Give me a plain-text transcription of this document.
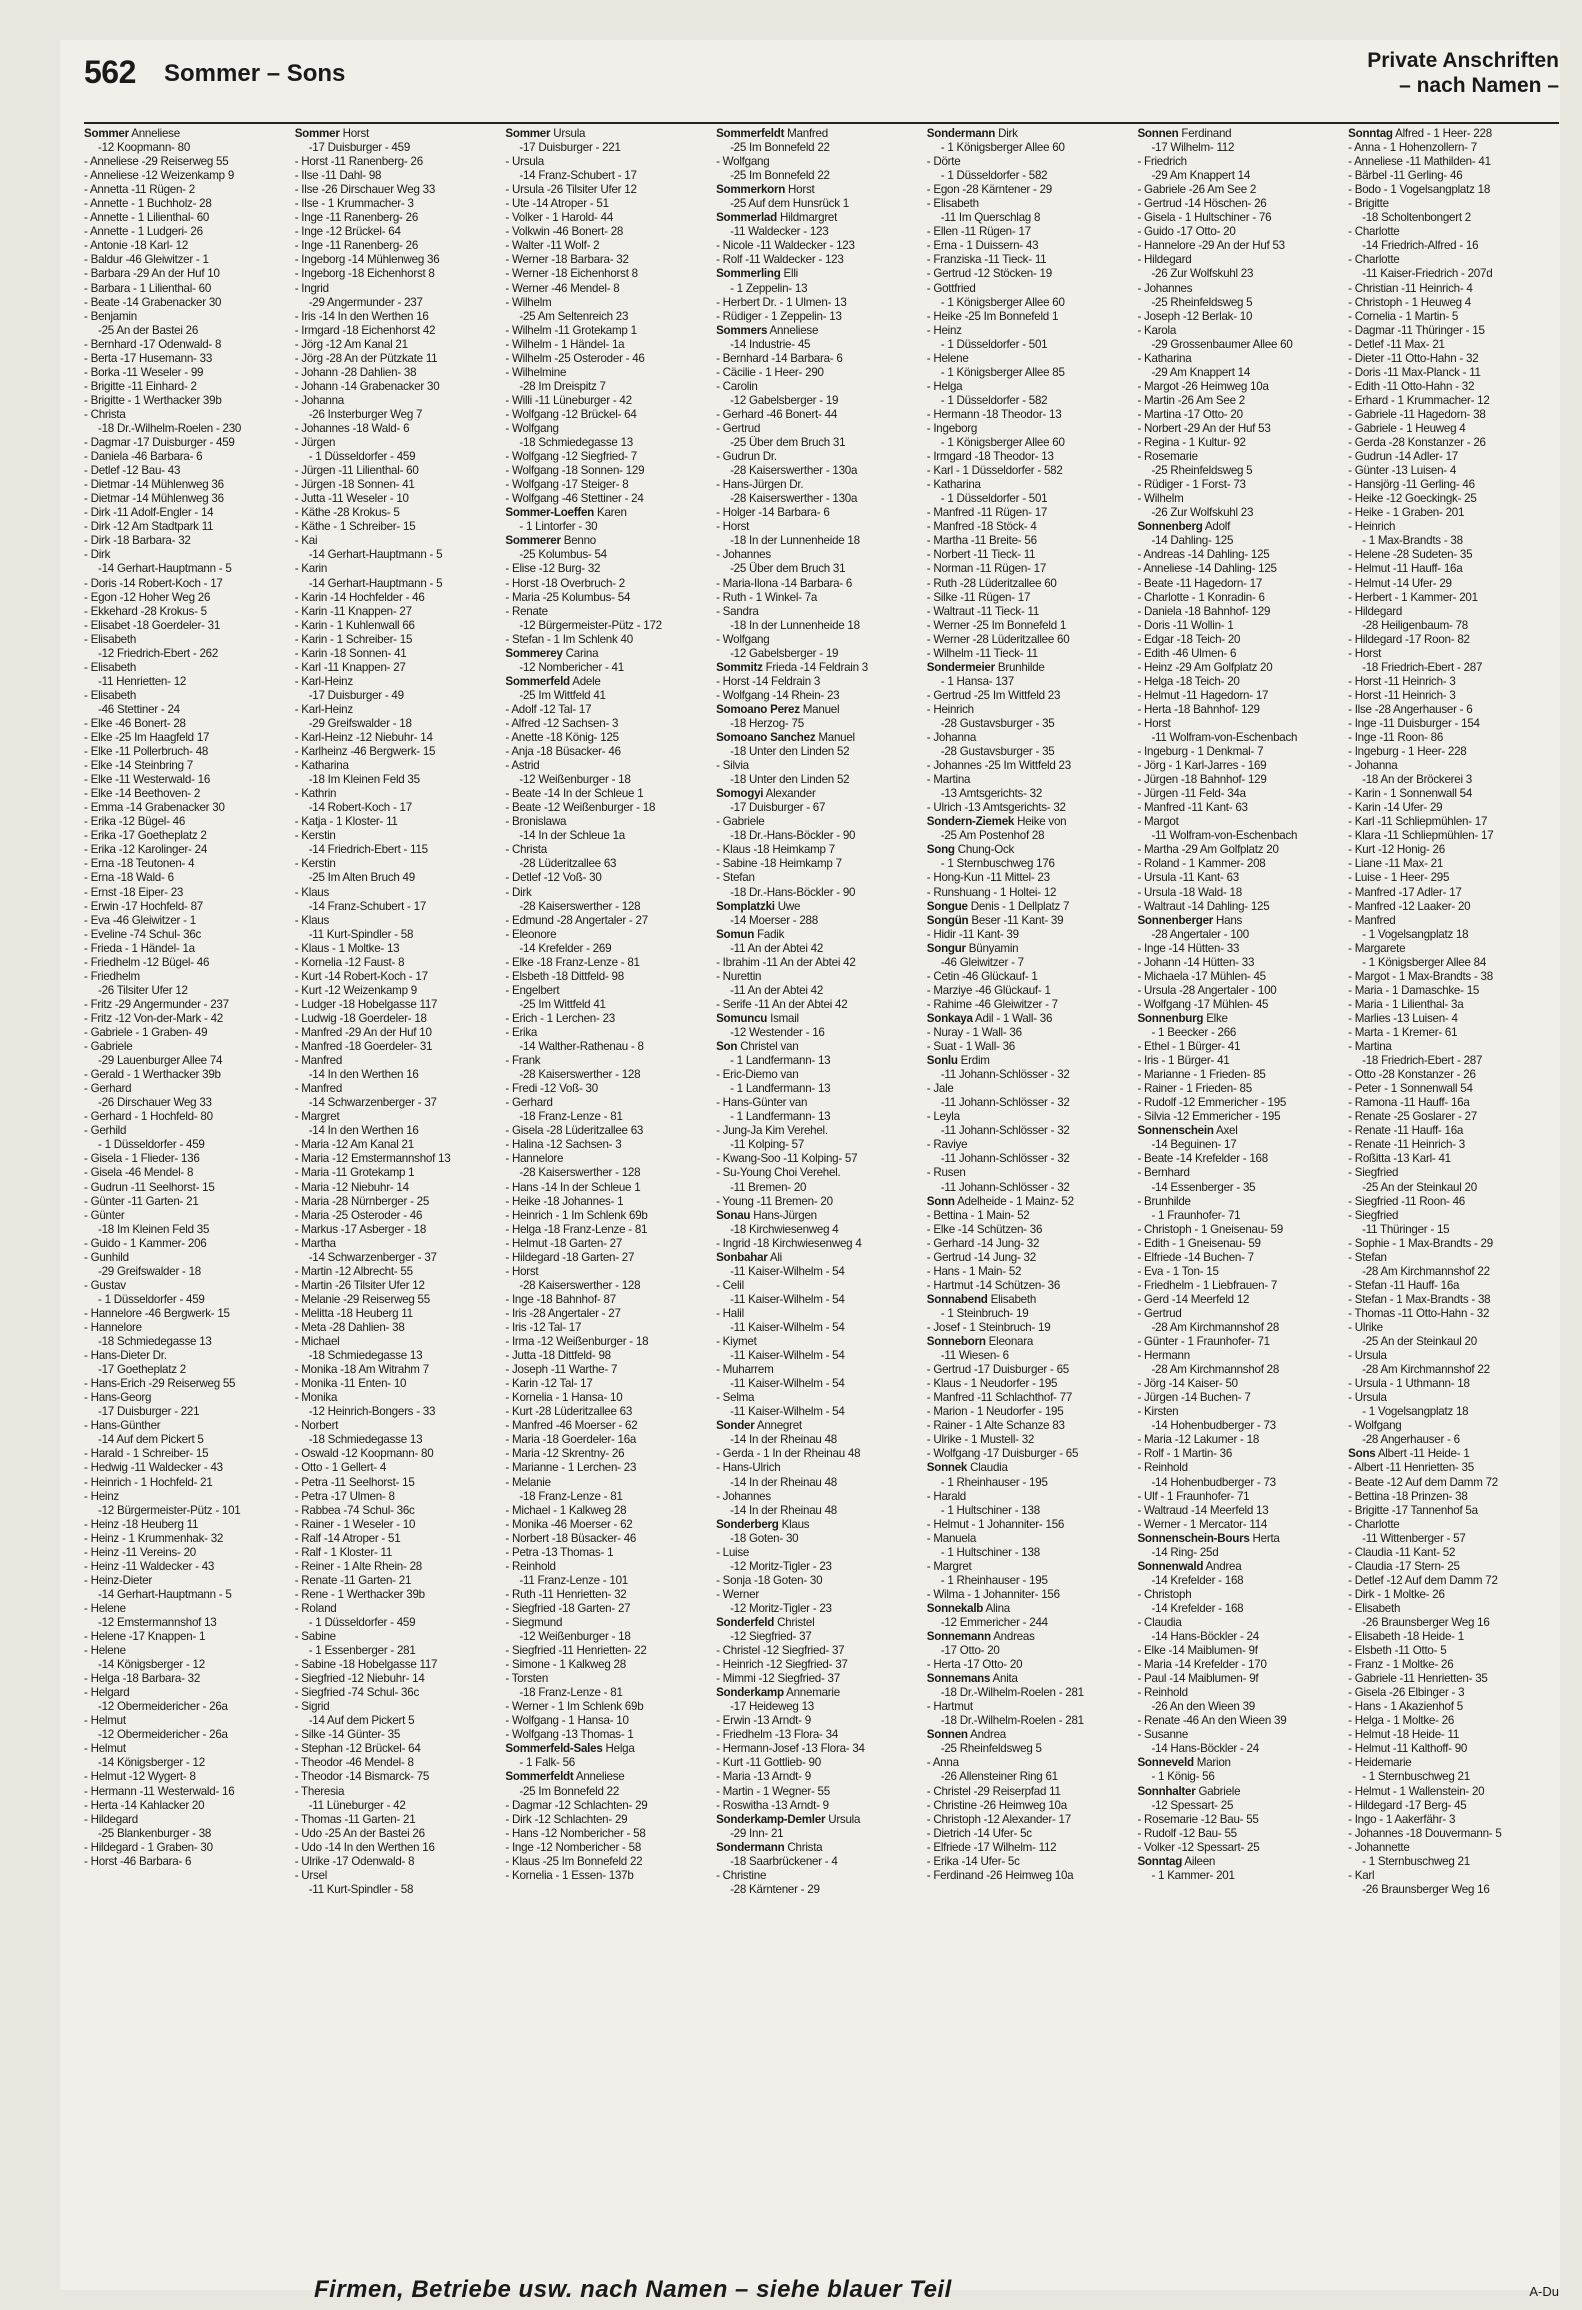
562 Sommer – Sons	Private Anschriften
– nach Namen –
Sommer Anneliese
-12 Koopmann- 80
- Anneliese -29 Reiserweg 55
- Anneliese -12 Weizenkamp 9
- Annetta -11 Rügen- 2
- Annette - 1 Buchholz- 28
- Annette - 1 Lilienthal- 60
- Annette - 1 Ludgeri- 26
- Antonie -18 Karl- 12
- Baldur -46 Gleiwitzer - 1
- Barbara -29 An der Huf 10
- Barbara - 1 Lilienthal- 60
- Beate -14 Grabenacker 30
- Benjamin
-25 An der Bastei 26
- Bernhard -17 Odenwald- 8
- Berta -17 Husemann- 33
- Borka -11 Weseler - 99
- Brigitte -11 Einhard- 2
- Brigitte - 1 Werthacker 39b
- Christa
-18 Dr.-Wilhelm-Roelen - 230
- Dagmar -17 Duisburger - 459
- Daniela -46 Barbara- 6
- Detlef -12 Bau- 43
- Dietmar -14 Mühlenweg 36
- Dietmar -14 Mühlenweg 36
- Dirk -11 Adolf-Engler - 14
- Dirk -12 Am Stadtpark 11
- Dirk -18 Barbara- 32
- Dirk
-14 Gerhart-Hauptmann - 5
- Doris -14 Robert-Koch - 17
- Egon -12 Hoher Weg 26
- Ekkehard -28 Krokus- 5
- Elisabet -18 Goerdeler- 31
- Elisabeth
-12 Friedrich-Ebert - 262
- Elisabeth
-11 Henrietten- 12
- Elisabeth
-46 Stettiner - 24
- Elke -46 Bonert- 28
- Elke -25 Im Haagfeld 17
- Elke -11 Pollerbruch- 48
- Elke -14 Steinbring 7
- Elke -11 Westerwald- 16
- Elke -14 Beethoven- 2
- Emma -14 Grabenacker 30
- Erika -12 Bügel- 46
- Erika -17 Goetheplatz 2
- Erika -12 Karolinger- 24
- Erna -18 Teutonen- 4
- Erna -18 Wald- 6
- Ernst -18 Eiper- 23
- Erwin -17 Hochfeld- 87
- Eva -46 Gleiwitzer - 1
- Eveline -74 Schul- 36c
- Frieda - 1 Händel- 1a
- Friedhelm -12 Bügel- 46
- Friedhelm
-26 Tilsiter Ufer 12
- Fritz -29 Angermunder - 237
- Fritz -12 Von-der-Mark - 42
- Gabriele - 1 Graben- 49
- Gabriele
-29 Lauenburger Allee 74
- Gerald - 1 Werthacker 39b
- Gerhard
-26 Dirschauer Weg 33
- Gerhard - 1 Hochfeld- 80
- Gerhild
- 1 Düsseldorfer - 459
- Gisela - 1 Flieder- 136
- Gisela -46 Mendel- 8
- Gudrun -11 Seelhorst- 15
- Günter -11 Garten- 21
- Günter
-18 Im Kleinen Feld 35
- Guido - 1 Kammer- 206
- Gunhild
-29 Greifswalder - 18
- Gustav
- 1 Düsseldorfer - 459
- Hannelore -46 Bergwerk- 15
- Hannelore
-18 Schmiedegasse 13
- Hans-Dieter Dr.
-17 Goetheplatz 2
- Hans-Erich -29 Reiserweg 55
- Hans-Georg
-17 Duisburger - 221
- Hans-Günther
-14 Auf dem Pickert 5
- Harald - 1 Schreiber- 15
- Hedwig -11 Waldecker - 43
- Heinrich - 1 Hochfeld- 21
- Heinz
-12 Bürgermeister-Pütz - 101
- Heinz -18 Heuberg 11
- Heinz - 1 Krummenhak- 32
- Heinz -11 Vereins- 20
- Heinz -11 Waldecker - 43
- Heinz-Dieter
-14 Gerhart-Hauptmann - 5
- Helene
-12 Emstermannshof 13
- Helene -17 Knappen- 1
- Helene
-14 Königsberger - 12
- Helga -18 Barbara- 32
- Helgard
-12 Obermeidericher - 26a
- Helmut
-12 Obermeidericher - 26a
- Helmut
-14 Königsberger - 12
- Helmut -12 Wygert- 8
- Hermann -11 Westerwald- 16
- Herta -14 Kahlacker 20
- Hildegard
-25 Blankenburger - 38
- Hildegard - 1 Graben- 30
- Horst -46 Barbara- 6
Sommer Horst
-17 Duisburger - 459
- Horst -11 Ranenberg- 26
- Ilse -11 Dahl- 98
- Ilse -26 Dirschauer Weg 33
- Ilse - 1 Krummacher- 3
- Inge -11 Ranenberg- 26
- Inge -12 Brückel- 64
- Inge -11 Ranenberg- 26
- Ingeborg -14 Mühlenweg 36
- Ingeborg -18 Eichenhorst 8
- Ingrid
-29 Angermunder - 237
- Iris -14 In den Werthen 16
- Irmgard -18 Eichenhorst 42
- Jörg -12 Am Kanal 21
- Jörg -28 An der Pützkate 11
- Johann -28 Dahlien- 38
- Johann -14 Grabenacker 30
- Johanna
-26 Insterburger Weg 7
- Johannes -18 Wald- 6
- Jürgen
- 1 Düsseldorfer - 459
- Jürgen -11 Lilienthal- 60
- Jürgen -18 Sonnen- 41
- Jutta -11 Weseler - 10
- Käthe -28 Krokus- 5
- Käthe - 1 Schreiber- 15
- Kai
-14 Gerhart-Hauptmann - 5
- Karin
-14 Gerhart-Hauptmann - 5
- Karin -14 Hochfelder - 46
- Karin -11 Knappen- 27
- Karin - 1 Kuhlenwall 66
- Karin - 1 Schreiber- 15
- Karin -18 Sonnen- 41
- Karl -11 Knappen- 27
- Karl-Heinz
-17 Duisburger - 49
- Karl-Heinz
-29 Greifswalder - 18
- Karl-Heinz -12 Niebuhr- 14
- Karlheinz -46 Bergwerk- 15
- Katharina
-18 Im Kleinen Feld 35
- Kathrin
-14 Robert-Koch - 17
- Katja - 1 Kloster- 11
- Kerstin
-14 Friedrich-Ebert - 115
- Kerstin
-25 Im Alten Bruch 49
- Klaus
-14 Franz-Schubert - 17
- Klaus
-11 Kurt-Spindler - 58
- Klaus - 1 Moltke- 13
- Kornelia -12 Faust- 8
- Kurt -14 Robert-Koch - 17
- Kurt -12 Weizenkamp 9
- Ludger -18 Hobelgasse 117
- Ludwig -18 Goerdeler- 18
- Manfred -29 An der Huf 10
- Manfred -18 Goerdeler- 31
- Manfred
-14 In den Werthen 16
- Manfred
-14 Schwarzenberger - 37
- Margret
-14 In den Werthen 16
- Maria -12 Am Kanal 21
- Maria -12 Emstermannshof 13
- Maria -11 Grotekamp 1
- Maria -12 Niebuhr- 14
- Maria -28 Nürnberger - 25
- Maria -25 Osteroder - 46
- Markus -17 Asberger - 18
- Martha
-14 Schwarzenberger - 37
- Martin -12 Albrecht- 55
- Martin -26 Tilsiter Ufer 12
- Melanie -29 Reiserweg 55
- Melitta -18 Heuberg 11
- Meta -28 Dahlien- 38
- Michael
-18 Schmiedegasse 13
- Monika -18 Am Witrahm 7
- Monika -11 Enten- 10
- Monika
-12 Heinrich-Bongers - 33
- Norbert
-18 Schmiedegasse 13
- Oswald -12 Koopmann- 80
- Otto - 1 Gellert- 4
- Petra -11 Seelhorst- 15
- Petra -17 Ulmen- 8
- Rabbea -74 Schul- 36c
- Rainer - 1 Weseler - 10
- Ralf -14 Atroper - 51
- Ralf - 1 Kloster- 11
- Reiner - 1 Alte Rhein- 28
- Renate -11 Garten- 21
- Rene - 1 Werthacker 39b
- Roland
- 1 Düsseldorfer - 459
- Sabine
- 1 Essenberger - 281
- Sabine -18 Hobelgasse 117
- Siegfried -12 Niebuhr- 14
- Siegfried -74 Schul- 36c
- Sigrid
-14 Auf dem Pickert 5
- Silke -14 Günter- 35
- Stephan -12 Brückel- 64
- Theodor -46 Mendel- 8
- Theodor -14 Bismarck- 75
- Theresia
-11 Lüneburger - 42
- Thomas -11 Garten- 21
- Udo -25 An der Bastei 26
- Udo -14 In den Werthen 16
- Ulrike -17 Odenwald- 8
- Ursel
-11 Kurt-Spindler - 58
Sommer Ursula
-17 Duisburger - 221
- Ursula
-14 Franz-Schubert - 17
- Ursula -26 Tilsiter Ufer 12
- Ute -14 Atroper - 51
- Volker - 1 Harold- 44
- Volkwin -46 Bonert- 28
- Walter -11 Wolf- 2
- Werner -18 Barbara- 32
- Werner -18 Eichenhorst 8
- Werner -46 Mendel- 8
- Wilhelm
-25 Am Seltenreich 23
- Wilhelm -11 Grotekamp 1
- Wilhelm - 1 Händel- 1a
- Wilhelm -25 Osteroder - 46
- Wilhelmine
-28 Im Dreispitz 7
- Willi -11 Lüneburger - 42
- Wolfgang -12 Brückel- 64
- Wolfgang
-18 Schmiedegasse 13
- Wolfgang -12 Siegfried- 7
- Wolfgang -18 Sonnen- 129
- Wolfgang -17 Steiger- 8
- Wolfgang -46 Stettiner - 24
Sommer-Loeffen Karen
- 1 Lintorfer - 30
Sommerer Benno
-25 Kolumbus- 54
- Elise -12 Burg- 32
- Horst -18 Overbruch- 2
- Maria -25 Kolumbus- 54
- Renate
-12 Bürgermeister-Pütz - 172
- Stefan - 1 Im Schlenk 40
Sommerey Carina
-12 Nombericher - 41
Sommerfeld Adele
-25 Im Wittfeld 41
- Adolf -12 Tal- 17
- Alfred -12 Sachsen- 3
- Anette -18 König- 125
- Anja -18 Büsacker- 46
- Astrid
-12 Weißenburger - 18
- Beate -14 In der Schleue 1
- Beate -12 Weißenburger - 18
- Bronislawa
-14 In der Schleue 1a
- Christa
-28 Lüderitzallee 63
- Detlef -12 Voß- 30
- Dirk
-28 Kaiserswerther - 128
- Edmund -28 Angertaler - 27
- Eleonore
-14 Krefelder - 269
- Elke -18 Franz-Lenze - 81
- Elsbeth -18 Dittfeld- 98
- Engelbert
-25 Im Wittfeld 41
- Erich - 1 Lerchen- 23
- Erika
-14 Walther-Rathenau - 8
- Frank
-28 Kaiserswerther - 128
- Fredi -12 Voß- 30
- Gerhard
-18 Franz-Lenze - 81
- Gisela -28 Lüderitzallee 63
- Halina -12 Sachsen- 3
- Hannelore
-28 Kaiserswerther - 128
- Hans -14 In der Schleue 1
- Heike -18 Johannes- 1
- Heinrich - 1 Im Schlenk 69b
- Helga -18 Franz-Lenze - 81
- Helmut -18 Garten- 27
- Hildegard -18 Garten- 27
- Horst
-28 Kaiserswerther - 128
- Inge -18 Bahnhof- 87
- Iris -28 Angertaler - 27
- Iris -12 Tal- 17
- Irma -12 Weißenburger - 18
- Jutta -18 Dittfeld- 98
- Joseph -11 Warthe- 7
- Karin -12 Tal- 17
- Kornelia - 1 Hansa- 10
- Kurt -28 Lüderitzallee 63
- Manfred -46 Moerser - 62
- Maria -18 Goerdeler- 16a
- Maria -12 Skrentny- 26
- Marianne - 1 Lerchen- 23
- Melanie
-18 Franz-Lenze - 81
- Michael - 1 Kalkweg 28
- Monika -46 Moerser - 62
- Norbert -18 Büsacker- 46
- Petra -13 Thomas- 1
- Reinhold
-11 Franz-Lenze - 101
- Ruth -11 Henrietten- 32
- Siegfried -18 Garten- 27
- Siegmund
-12 Weißenburger - 18
- Siegfried -11 Henrietten- 22
- Simone - 1 Kalkweg 28
- Torsten
-18 Franz-Lenze - 81
- Werner - 1 Im Schlenk 69b
- Wolfgang - 1 Hansa- 10
- Wolfgang -13 Thomas- 1
Sommerfeld-Sales Helga
- 1 Falk- 56
Sommerfeldt Anneliese
-25 Im Bonnefeld 22
- Dagmar -12 Schlachten- 29
- Dirk -12 Schlachten- 29
- Hans -12 Nombericher - 58
- Inge -12 Nombericher - 58
- Klaus -25 Im Bonnefeld 22
- Kornelia - 1 Essen- 137b
Sommerfeldt Manfred
-25 Im Bonnefeld 22
- Wolfgang
-25 Im Bonnefeld 22
Sommerkorn Horst
-25 Auf dem Hunsrück 1
Sommerlad Hildmargret
-11 Waldecker - 123
- Nicole -11 Waldecker - 123
- Rolf -11 Waldecker - 123
Sommerling Elli
- 1 Zeppelin- 13
- Herbert Dr. - 1 Ulmen- 13
- Rüdiger - 1 Zeppelin- 13
Sommers Anneliese
-14 Industrie- 45
- Bernhard -14 Barbara- 6
- Cäcilie - 1 Heer- 290
- Carolin
-12 Gabelsberger - 19
- Gerhard -46 Bonert- 44
- Gertrud
-25 Über dem Bruch 31
- Gudrun Dr.
-28 Kaiserswerther - 130a
- Hans-Jürgen Dr.
-28 Kaiserswerther - 130a
- Holger -14 Barbara- 6
- Horst
-18 In der Lunnenheide 18
- Johannes
-25 Über dem Bruch 31
- Maria-Ilona -14 Barbara- 6
- Ruth - 1 Winkel- 7a
- Sandra
-18 In der Lunnenheide 18
- Wolfgang
-12 Gabelsberger - 19
Sommitz Frieda -14 Feldrain 3
- Horst -14 Feldrain 3
- Wolfgang -14 Rhein- 23
Somoano Perez Manuel
-18 Herzog- 75
Somoano Sanchez Manuel
-18 Unter den Linden 52
- Silvia
-18 Unter den Linden 52
Somogyi Alexander
-17 Duisburger - 67
- Gabriele
-18 Dr.-Hans-Böckler - 90
- Klaus -18 Heimkamp 7
- Sabine -18 Heimkamp 7
- Stefan
-18 Dr.-Hans-Böckler - 90
Somplatzki Uwe
-14 Moerser - 288
Somun Fadik
-11 An der Abtei 42
- Ibrahim -11 An der Abtei 42
- Nurettin
-11 An der Abtei 42
- Serife -11 An der Abtei 42
Somuncu Ismail
-12 Westender - 16
Son Christel van
- 1 Landfermann- 13
- Eric-Diemo van
- 1 Landfermann- 13
- Hans-Günter van
- 1 Landfermann- 13
- Jung-Ja Kim Verehel.
-11 Kolping- 57
- Kwang-Soo -11 Kolping- 57
- Su-Young Choi Verehel.
-11 Bremen- 20
- Young -11 Bremen- 20
Sonau Hans-Jürgen
-18 Kirchwiesenweg 4
- Ingrid -18 Kirchwiesenweg 4
Sonbahar Ali
-11 Kaiser-Wilhelm - 54
- Celil
-11 Kaiser-Wilhelm - 54
- Halil
-11 Kaiser-Wilhelm - 54
- Kiymet
-11 Kaiser-Wilhelm - 54
- Muharrem
-11 Kaiser-Wilhelm - 54
- Selma
-11 Kaiser-Wilhelm - 54
Sonder Annegret
-14 In der Rheinau 48
- Gerda - 1 In der Rheinau 48
- Hans-Ulrich
-14 In der Rheinau 48
- Johannes
-14 In der Rheinau 48
Sonderberg Klaus
-18 Goten- 30
- Luise
-12 Moritz-Tigler - 23
- Sonja -18 Goten- 30
- Werner
-12 Moritz-Tigler - 23
Sonderfeld Christel
-12 Siegfried- 37
- Christel -12 Siegfried- 37
- Heinrich -12 Siegfried- 37
- Mimmi -12 Siegfried- 37
Sonderkamp Annemarie
-17 Heideweg 13
- Erwin -13 Arndt- 9
- Friedhelm -13 Flora- 34
- Hermann-Josef -13 Flora- 34
- Kurt -11 Gottlieb- 90
- Maria -13 Arndt- 9
- Martin - 1 Wegner- 55
- Roswitha -13 Arndt- 9
Sonderkamp-Demler Ursula
-29 Inn- 21
Sondermann Christa
-18 Saarbrückener - 4
- Christine
-28 Kärntener - 29
Sondermann Dirk
- 1 Königsberger Allee 60
- Dörte
- 1 Düsseldorfer - 582
- Egon -28 Kärntener - 29
- Elisabeth
-11 Im Querschlag 8
- Ellen -11 Rügen- 17
- Erna - 1 Duissern- 43
- Franziska -11 Tieck- 11
- Gertrud -12 Stöcken- 19
- Gottfried
- 1 Königsberger Allee 60
- Heike -25 Im Bonnefeld 1
- Heinz
- 1 Düsseldorfer - 501
- Helene
- 1 Königsberger Allee 85
- Helga
- 1 Düsseldorfer - 582
- Hermann -18 Theodor- 13
- Ingeborg
- 1 Königsberger Allee 60
- Irmgard -18 Theodor- 13
- Karl - 1 Düsseldorfer - 582
- Katharina
- 1 Düsseldorfer - 501
- Manfred -11 Rügen- 17
- Manfred -18 Stöck- 4
- Martha -11 Breite- 56
- Norbert -11 Tieck- 11
- Norman -11 Rügen- 17
- Ruth -28 Lüderitzallee 60
- Silke -11 Rügen- 17
- Waltraut -11 Tieck- 11
- Werner -25 Im Bonnefeld 1
- Werner -28 Lüderitzallee 60
- Wilhelm -11 Tieck- 11
Sondermeier Brunhilde
- 1 Hansa- 137
- Gertrud -25 Im Wittfeld 23
- Heinrich
-28 Gustavsburger - 35
- Johanna
-28 Gustavsburger - 35
- Johannes -25 Im Wittfeld 23
- Martina
-13 Amtsgerichts- 32
- Ulrich -13 Amtsgerichts- 32
Sondern-Ziemek Heike von
-25 Am Postenhof 28
Song Chung-Ock
- 1 Sternbuschweg 176
- Hong-Kun -11 Mittel- 23
- Runshuang - 1 Holtei- 12
Songue Denis - 1 Dellplatz 7
Songün Beser -11 Kant- 39
- Hidir -11 Kant- 39
Songur Bünyamin
-46 Gleiwitzer - 7
- Cetin -46 Glückauf- 1
- Marziye -46 Glückauf- 1
- Rahime -46 Gleiwitzer - 7
Sonkaya Adil - 1 Wall- 36
- Nuray - 1 Wall- 36
- Suat - 1 Wall- 36
Sonlu Erdim
-11 Johann-Schlösser - 32
- Jale
-11 Johann-Schlösser - 32
- Leyla
-11 Johann-Schlösser - 32
- Raviye
-11 Johann-Schlösser - 32
- Rusen
-11 Johann-Schlösser - 32
Sonn Adelheide - 1 Mainz- 52
- Bettina - 1 Main- 52
- Elke -14 Schützen- 36
- Gerhard -14 Jung- 32
- Gertrud -14 Jung- 32
- Hans - 1 Main- 52
- Hartmut -14 Schützen- 36
Sonnabend Elisabeth
- 1 Steinbruch- 19
- Josef - 1 Steinbruch- 19
Sonneborn Eleonara
-11 Wiesen- 6
- Gertrud -17 Duisburger - 65
- Klaus - 1 Neudorfer - 195
- Manfred -11 Schlachthof- 77
- Marion - 1 Neudorfer - 195
- Rainer - 1 Alte Schanze 83
- Ulrike - 1 Mustell- 32
- Wolfgang -17 Duisburger - 65
Sonnek Claudia
- 1 Rheinhauser - 195
- Harald
- 1 Hultschiner - 138
- Helmut - 1 Johanniter- 156
- Manuela
- 1 Hultschiner - 138
- Margret
- 1 Rheinhauser - 195
- Wilma - 1 Johanniter- 156
Sonnekalb Alina
-12 Emmericher - 244
Sonnemann Andreas
-17 Otto- 20
- Herta -17 Otto- 20
Sonnemans Anita
-18 Dr.-Wilhelm-Roelen - 281
- Hartmut
-18 Dr.-Wilhelm-Roelen - 281
Sonnen Andrea
-25 Rheinfeldsweg 5
- Anna
-26 Allensteiner Ring 61
- Christel -29 Reiserpfad 11
- Christine -26 Heimweg 10a
- Christoph -12 Alexander- 17
- Dietrich -14 Ufer- 5c
- Elfriede -17 Wilhelm- 112
- Erika -14 Ufer- 5c
- Ferdinand -26 Heimweg 10a
Sonnen Ferdinand
-17 Wilhelm- 112
- Friedrich
-29 Am Knappert 14
- Gabriele -26 Am See 2
- Gertrud -14 Höschen- 26
- Gisela - 1 Hultschiner - 76
- Guido -17 Otto- 20
- Hannelore -29 An der Huf 53
- Hildegard
-26 Zur Wolfskuhl 23
- Johannes
-25 Rheinfeldsweg 5
- Joseph -12 Berlak- 10
- Karola
-29 Grossenbaumer Allee 60
- Katharina
-29 Am Knappert 14
- Margot -26 Heimweg 10a
- Martin -26 Am See 2
- Martina -17 Otto- 20
- Norbert -29 An der Huf 53
- Regina - 1 Kultur- 92
- Rosemarie
-25 Rheinfeldsweg 5
- Rüdiger - 1 Forst- 73
- Wilhelm
-26 Zur Wolfskuhl 23
Sonnenberg Adolf
-14 Dahling- 125
- Andreas -14 Dahling- 125
- Anneliese -14 Dahling- 125
- Beate -11 Hagedorn- 17
- Charlotte - 1 Konradin- 6
- Daniela -18 Bahnhof- 129
- Doris -11 Wollin- 1
- Edgar -18 Teich- 20
- Edith -46 Ulmen- 6
- Heinz -29 Am Golfplatz 20
- Helga -18 Teich- 20
- Helmut -11 Hagedorn- 17
- Herta -18 Bahnhof- 129
- Horst
-11 Wolfram-von-Eschenbach
- Ingeburg - 1 Denkmal- 7
- Jörg - 1 Karl-Jarres - 169
- Jürgen -18 Bahnhof- 129
- Jürgen -11 Feld- 34a
- Manfred -11 Kant- 63
- Margot
-11 Wolfram-von-Eschenbach
- Martha -29 Am Golfplatz 20
- Roland - 1 Kammer- 208
- Ursula -11 Kant- 63
- Ursula -18 Wald- 18
- Waltraut -14 Dahling- 125
Sonnenberger Hans
-28 Angertaler - 100
- Inge -14 Hütten- 33
- Johann -14 Hütten- 33
- Michaela -17 Mühlen- 45
- Ursula -28 Angertaler - 100
- Wolfgang -17 Mühlen- 45
Sonnenburg Elke
- 1 Beecker - 266
- Ethel - 1 Bürger- 41
- Iris - 1 Bürger- 41
- Marianne - 1 Frieden- 85
- Rainer - 1 Frieden- 85
- Rudolf -12 Emmericher - 195
- Silvia -12 Emmericher - 195
Sonnenschein Axel
-14 Beguinen- 17
- Beate -14 Krefelder - 168
- Bernhard
-14 Essenberger - 35
- Brunhilde
- 1 Fraunhofer- 71
- Christoph - 1 Gneisenau- 59
- Edith - 1 Gneisenau- 59
- Elfriede -14 Buchen- 7
- Eva - 1 Ton- 15
- Friedhelm - 1 Liebfrauen- 7
- Gerd -14 Meerfeld 12
- Gertrud
-28 Am Kirchmannshof 28
- Günter - 1 Fraunhofer- 71
- Hermann
-28 Am Kirchmannshof 28
- Jörg -14 Kaiser- 50
- Jürgen -14 Buchen- 7
- Kirsten
-14 Hohenbudberger - 73
- Maria -12 Lakumer - 18
- Rolf - 1 Martin- 36
- Reinhold
-14 Hohenbudberger - 73
- Ulf - 1 Fraunhofer- 71
- Waltraud -14 Meerfeld 13
- Werner - 1 Mercator- 114
Sonnenschein-Bours Herta
-14 Ring- 25d
Sonnenwald Andrea
-14 Krefelder - 168
- Christoph
-14 Krefelder - 168
- Claudia
-14 Hans-Böckler - 24
- Elke -14 Maiblumen- 9f
- Maria -14 Krefelder - 170
- Paul -14 Maiblumen- 9f
- Reinhold
-26 An den Wieen 39
- Renate -46 An den Wieen 39
- Susanne
-14 Hans-Böckler - 24
Sonneveld Marion
- 1 König- 56
Sonnhalter Gabriele
-12 Spessart- 25
- Rosemarie -12 Bau- 55
- Rudolf -12 Bau- 55
- Volker -12 Spessart- 25
Sonntag Aileen
- 1 Kammer- 201
Sonntag Alfred - 1 Heer- 228
- Anna - 1 Hohenzollern- 7
- Anneliese -11 Mathilden- 41
- Bärbel -11 Gerling- 46
- Bodo - 1 Vogelsangplatz 18
- Brigitte
-18 Scholtenbongert 2
- Charlotte
-14 Friedrich-Alfred - 16
- Charlotte
-11 Kaiser-Friedrich - 207d
- Christian -11 Heinrich- 4
- Christoph - 1 Heuweg 4
- Cornelia - 1 Martin- 5
- Dagmar -11 Thüringer - 15
- Detlef -11 Max- 21
- Dieter -11 Otto-Hahn - 32
- Doris -11 Max-Planck - 11
- Edith -11 Otto-Hahn - 32
- Erhard - 1 Krummacher- 12
- Gabriele -11 Hagedorn- 38
- Gabriele - 1 Heuweg 4
- Gerda -28 Konstanzer - 26
- Gudrun -14 Adler- 17
- Günter -13 Luisen- 4
- Hansjörg -11 Gerling- 46
- Heike -12 Goeckingk- 25
- Heike - 1 Graben- 201
- Heinrich
- 1 Max-Brandts - 38
- Helene -28 Sudeten- 35
- Helmut -11 Hauff- 16a
- Helmut -14 Ufer- 29
- Herbert - 1 Kammer- 201
- Hildegard
-28 Heiligenbaum- 78
- Hildegard -17 Roon- 82
- Horst
-18 Friedrich-Ebert - 287
- Horst -11 Heinrich- 3
- Horst -11 Heinrich- 3
- Ilse -28 Angerhauser - 6
- Inge -11 Duisburger - 154
- Inge -11 Roon- 86
- Ingeburg - 1 Heer- 228
- Johanna
-18 An der Bröckerei 3
- Karin - 1 Sonnenwall 54
- Karin -14 Ufer- 29
- Karl -11 Schliepmühlen- 17
- Klara -11 Schliepmühlen- 17
- Kurt -12 Honig- 26
- Liane -11 Max- 21
- Luise - 1 Heer- 295
- Manfred -17 Adler- 17
- Manfred -12 Laaker- 20
- Manfred
- 1 Vogelsangplatz 18
- Margarete
- 1 Königsberger Allee 84
- Margot - 1 Max-Brandts - 38
- Maria - 1 Damaschke- 15
- Maria - 1 Lilienthal- 3a
- Marlies -13 Luisen- 4
- Marta - 1 Kremer- 61
- Martina
-18 Friedrich-Ebert - 287
- Otto -28 Konstanzer - 26
- Peter - 1 Sonnenwall 54
- Ramona -11 Hauff- 16a
- Renate -25 Goslarer - 27
- Renate -11 Hauff- 16a
- Renate -11 Heinrich- 3
- Roßitta -13 Karl- 41
- Siegfried
-25 An der Steinkaul 20
- Siegfried -11 Roon- 46
- Siegfried
-11 Thüringer - 15
- Sophie - 1 Max-Brandts - 29
- Stefan
-28 Am Kirchmannshof 22
- Stefan -11 Hauff- 16a
- Stefan - 1 Max-Brandts - 38
- Thomas -11 Otto-Hahn - 32
- Ulrike
-25 An der Steinkaul 20
- Ursula
-28 Am Kirchmannshof 22
- Ursula - 1 Uthmann- 18
- Ursula
- 1 Vogelsangplatz 18
- Wolfgang
-28 Angerhauser - 6
Sons Albert -11 Heide- 1
- Albert -11 Henrietten- 35
- Beate -12 Auf dem Damm 72
- Bettina -18 Prinzen- 38
- Brigitte -17 Tannenhof 5a
- Charlotte
-11 Wittenberger - 57
- Claudia -11 Kant- 52
- Claudia -17 Stern- 25
- Detlef -12 Auf dem Damm 72
- Dirk - 1 Moltke- 26
- Elisabeth
-26 Braunsberger Weg 16
- Elisabeth -18 Heide- 1
- Elsbeth -11 Otto- 5
- Franz - 1 Moltke- 26
- Gabriele -11 Henrietten- 35
- Gisela -26 Elbinger - 3
- Hans - 1 Akazienhof 5
- Helga - 1 Moltke- 26
- Helmut -18 Heide- 11
- Helmut -11 Kalthoff- 90
- Heidemarie
- 1 Sternbuschweg 21
- Helmut - 1 Wallenstein- 20
- Hildegard -17 Berg- 45
- Ingo - 1 Aakerfähr- 3
- Johannes -18 Douvermann- 5
- Johannette
- 1 Sternbuschweg 21
- Karl
-26 Braunsberger Weg 16
Firmen, Betriebe usw. nach Namen – siehe blauer Teil	A-Du
